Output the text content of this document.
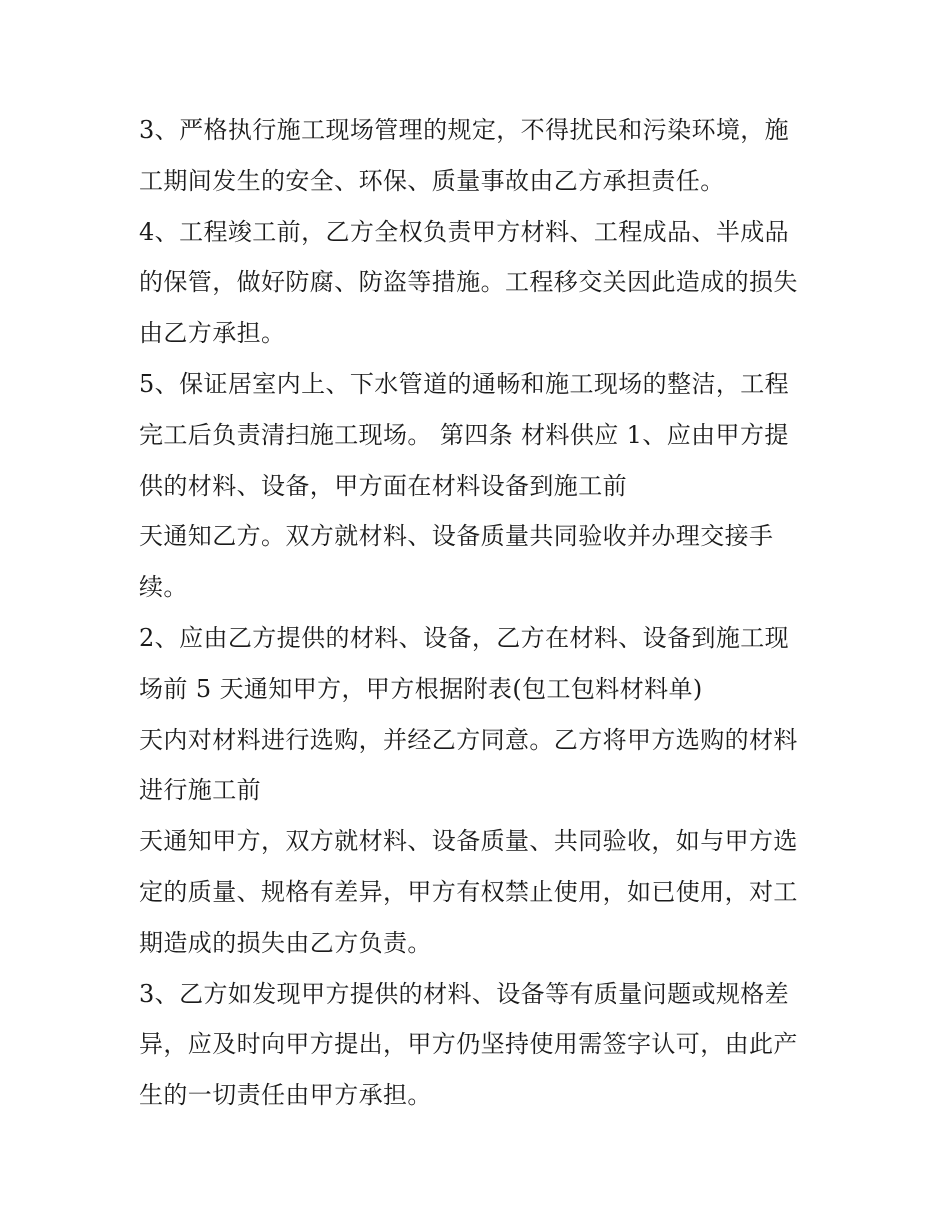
3、严格执行施工现场管理的规定，不得扰民和污染环境，施
工期间发生的安全、环保、质量事故由乙方承担责任。
4、工程竣工前，乙方全权负责甲方材料、工程成品、半成品
的保管，做好防腐、防盗等措施。工程移交关因此造成的损失
由乙方承担。
5、保证居室内上、下水管道的通畅和施工现场的整洁，工程
完工后负责清扫施工现场。 第四条 材料供应 1、应由甲方提
供的材料、设备，甲方面在材料设备到施工前
天通知乙方。双方就材料、设备质量共同验收并办理交接手
续。
2、应由乙方提供的材料、设备，乙方在材料、设备到施工现
场前 5 天通知甲方，甲方根据附表(包工包料材料单)
天内对材料进行选购，并经乙方同意。乙方将甲方选购的材料
进行施工前
天通知甲方，双方就材料、设备质量、共同验收，如与甲方选
定的质量、规格有差异，甲方有权禁止使用，如已使用，对工
期造成的损失由乙方负责。
3、乙方如发现甲方提供的材料、设备等有质量问题或规格差
异，应及时向甲方提出，甲方仍坚持使用需签字认可，由此产
生的一切责任由甲方承担。
